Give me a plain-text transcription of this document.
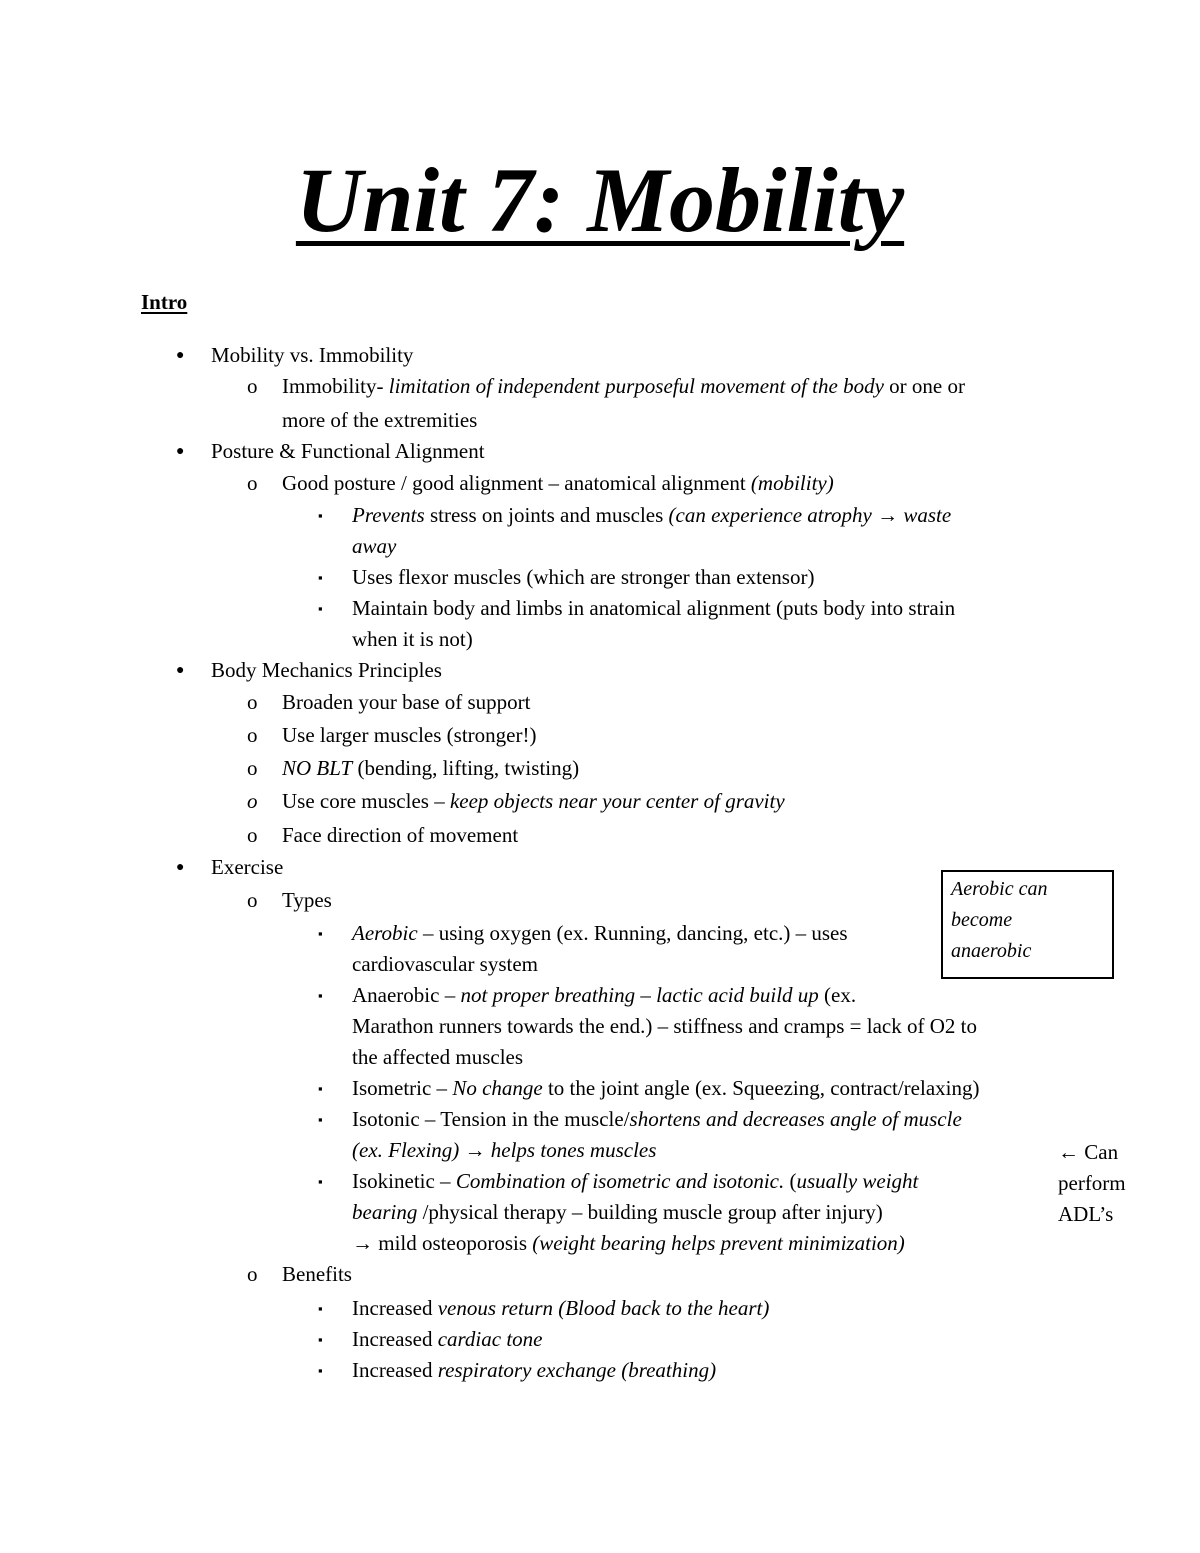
Unit 7: Mobility
Intro
● Mobility vs. Immobility
o Immobility- limitation of independent purposeful movement of the body or one or
more of the extremities
● Posture & Functional Alignment
o Good posture / good alignment – anatomical alignment (mobility)
▪ Prevents stress on joints and muscles (can experience atrophy → waste
away
▪ Uses flexor muscles (which are stronger than extensor)
▪ Maintain body and limbs in anatomical alignment (puts body into strain
when it is not)
● Body Mechanics Principles
o Broaden your base of support
o Use larger muscles (stronger!)
o NO BLT (bending, lifting, twisting)
o Use core muscles – keep objects near your center of gravity
o Face direction of movement
● Exercise
o Types
▪ Aerobic – using oxygen (ex. Running, dancing, etc.) – uses
cardiovascular system
▪ Anaerobic – not proper breathing – lactic acid build up (ex.
Marathon runners towards the end.) – stiffness and cramps = lack of O2 to
the affected muscles
▪ Isometric – No change to the joint angle (ex. Squeezing, contract/relaxing)
▪ Isotonic – Tension in the muscle/shortens and decreases angle of muscle
(ex. Flexing) → helps tones muscles
▪ Isokinetic – Combination of isometric and isotonic. (usually weight
bearing /physical therapy – building muscle group after injury)
→ mild osteoporosis (weight bearing helps prevent minimization)
o Benefits
▪ Increased venous return (Blood back to the heart)
▪ Increased cardiac tone
▪ Increased respiratory exchange (breathing)
Aerobic can
become
anaerobic
← Can
perform
ADL’s
